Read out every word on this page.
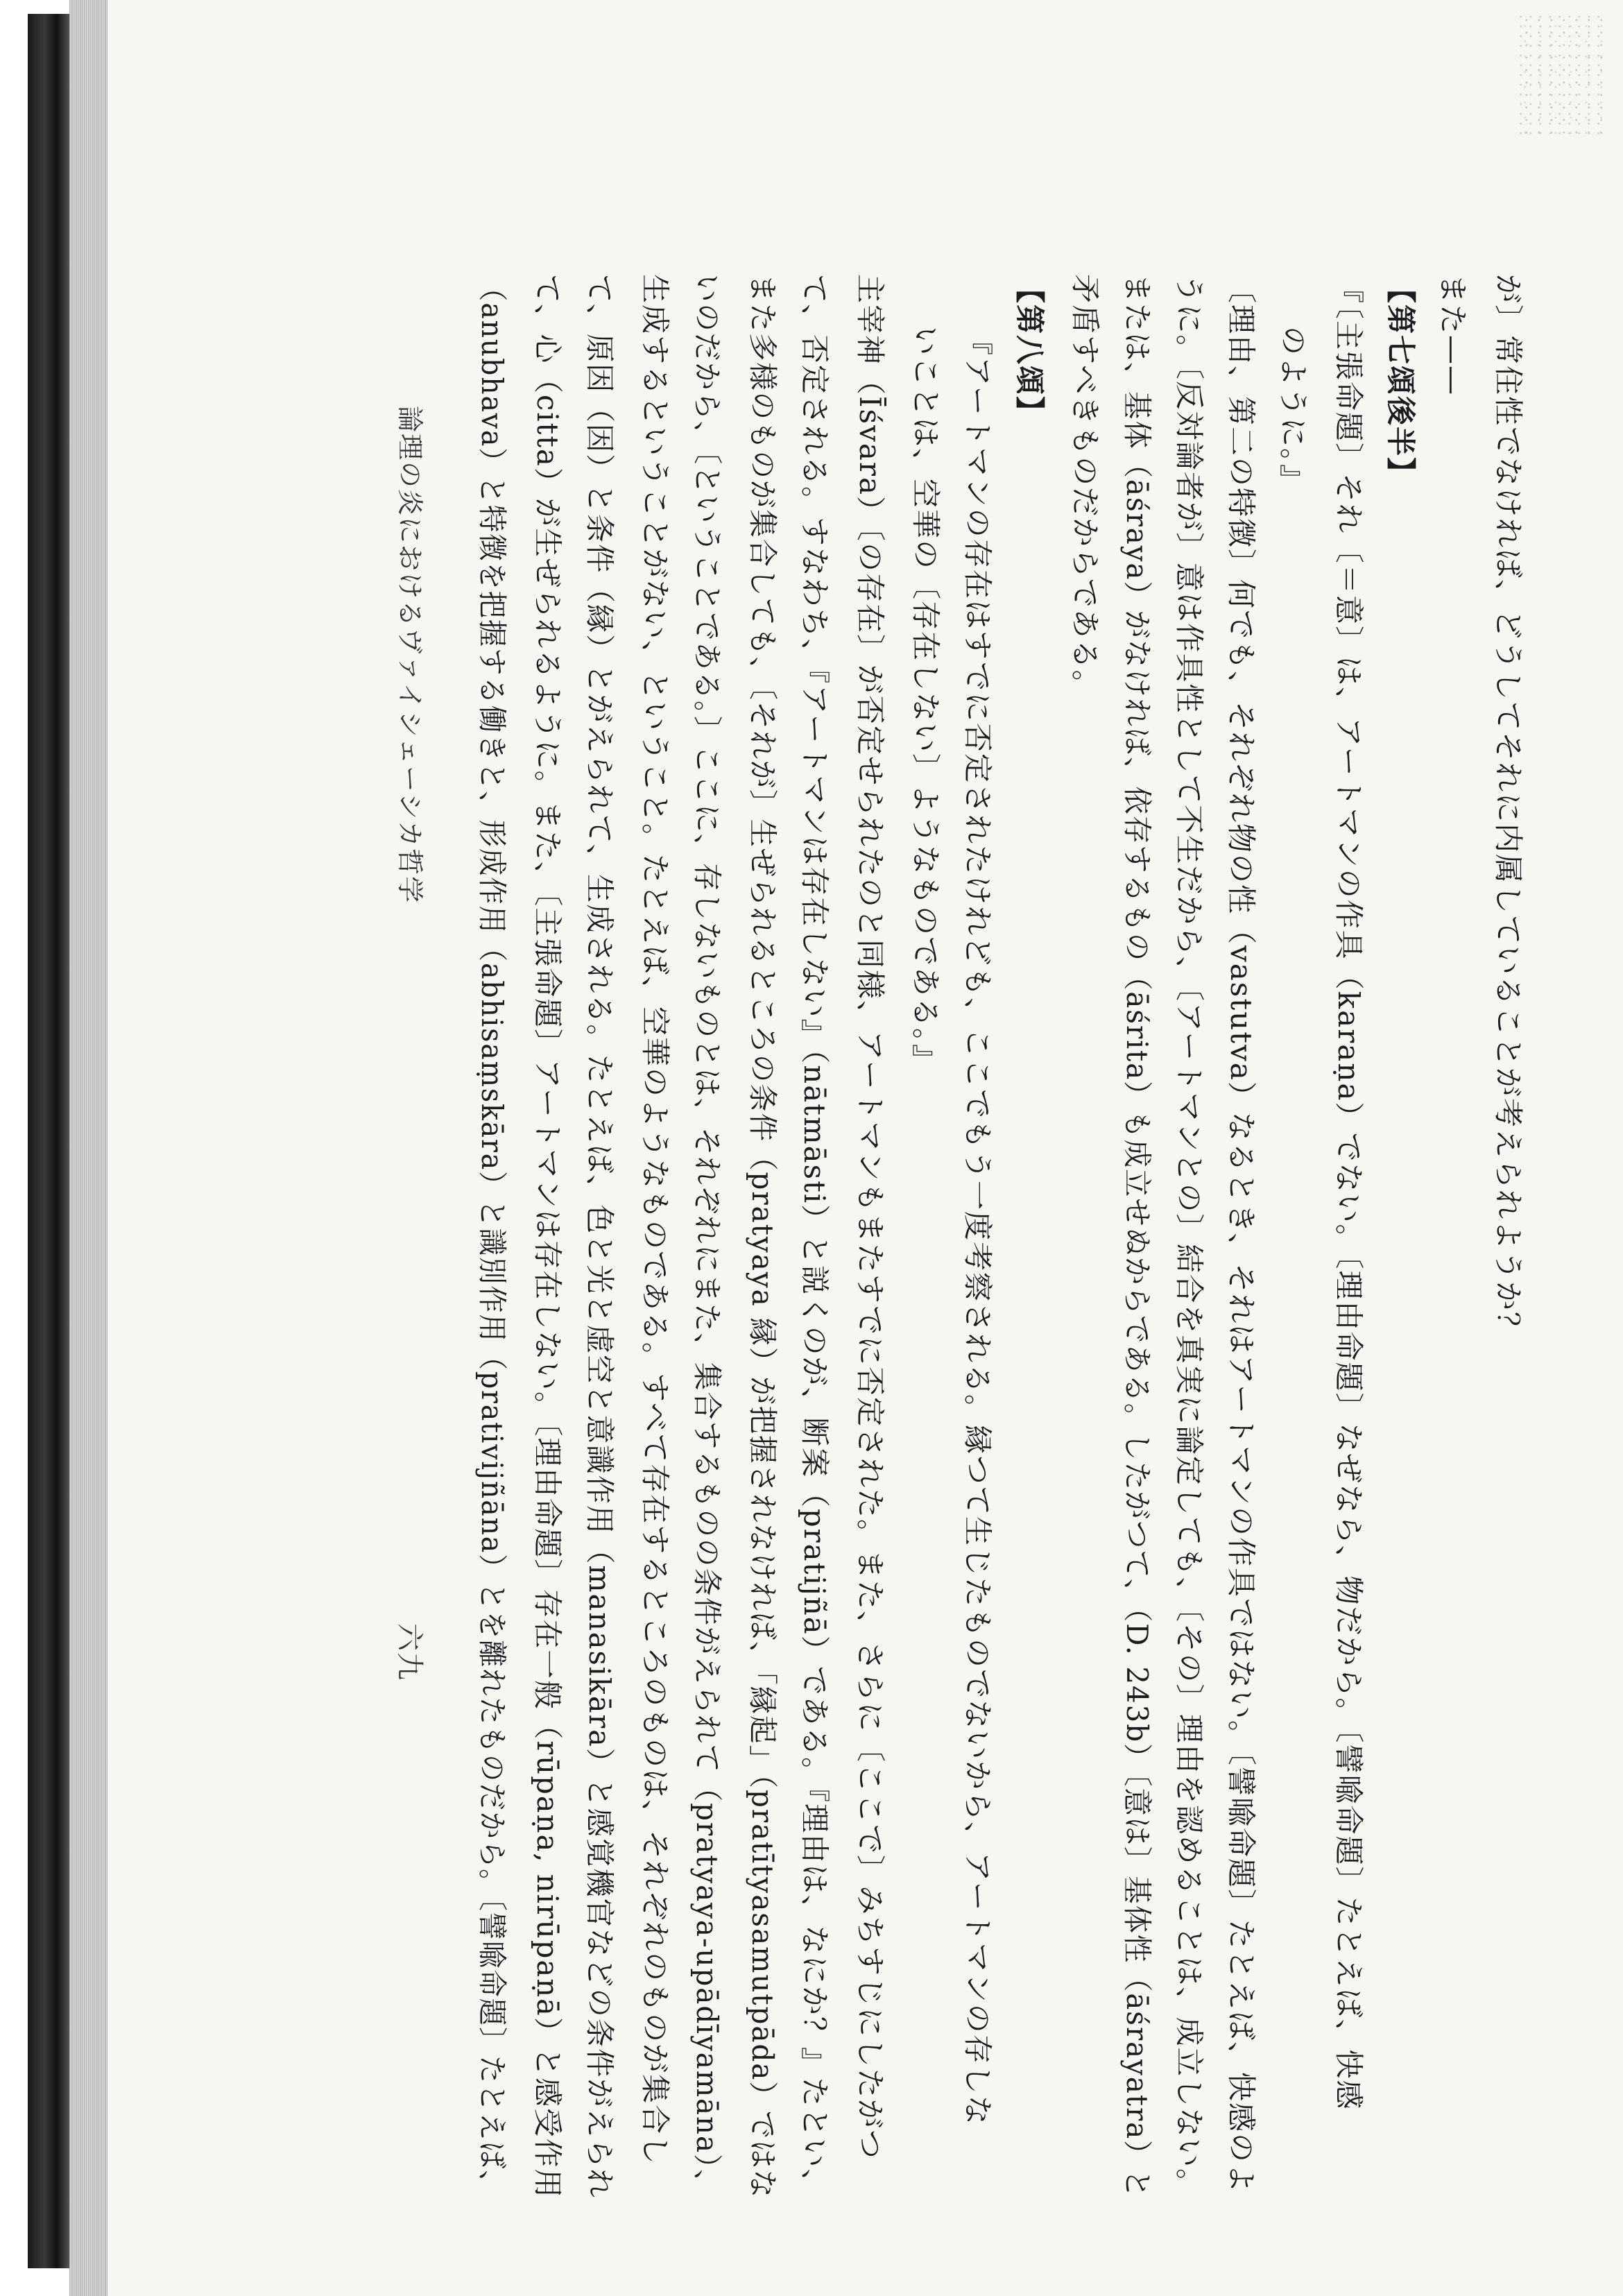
が〕常住性でなければ、どうしてそれに内属していることが考えられようか？
また——
【第七頌後半】
『〔主張命題〕それ〔＝意〕は、アートマンの作具（karaṇa）でない。〔理由命題〕なぜなら、物だから。〔譬喩命題〕たとえば、快感
のように。』
〔理由、第二の特徴〕何でも、それぞれ物の性（vastutva）なるとき、それはアートマンの作具ではない。〔譬喩命題〕たとえば、快感のよ
うに。〔反対論者が〕意は作具性として不生だから、〔アートマンとの〕結合を真実に論定しても、〔その〕理由を認めることは、成立しない。
または、基体（āśraya）がなければ、依存するもの（āśrita）も成立せぬからである。したがつて、（D. 243b）〔意は〕基体性（āśrayatra）と
矛盾すべきものだからである。
【第八頌】
『アートマンの存在はすでに否定されたけれども、ここでもう一度考察される。縁つて生じたものでないから、アートマンの存しな
いことは、空華の〔存在しない〕ようなものである。』
主宰神（Īśvara）〔の存在〕が否定せられたのと同様、アートマンもまたすでに否定された。また、さらに〔ここで〕みちすじにしたがつ
て、否定される。すなわち、『アートマンは存在しない』（nātmāsti）と説くのが、断案（pratijñā）である。『理由は、なにか？』たとい、
また多様のものが集合しても、〔それが〕生ぜられるところの条件（pratyaya 縁）が把握されなければ、「縁起」（pratītyasamutpāda）ではな
いのだから、〔ということである。〕ここに、存しないものとは、それぞれにまた、集合するものの条件がえられて（pratyaya-upādīyamāna）、
生成するということがない、ということ。たとえば、空華のようなものである。すべて存在するところのものは、それぞれのものが集合し
て、原因（因）と条件（縁）とがえられて、生成される。たとえば、色と光と虚空と意識作用（manasikāra）と感覚機官などの条件がえられ
て、心（citta）が生ぜられるように。また、〔主張命題〕アートマンは存在しない。〔理由命題〕存在一般（rūpaṇa, nirūpaṇā）と感受作用
（anubhava）と特徴を把握する働きと、形成作用（abhisaṃskāra）と識別作用（prativijñāna）とを離れたものだから。〔譬喩命題〕たとえば、
論理の炎におけるヴァイシェーシカ哲学
六九
